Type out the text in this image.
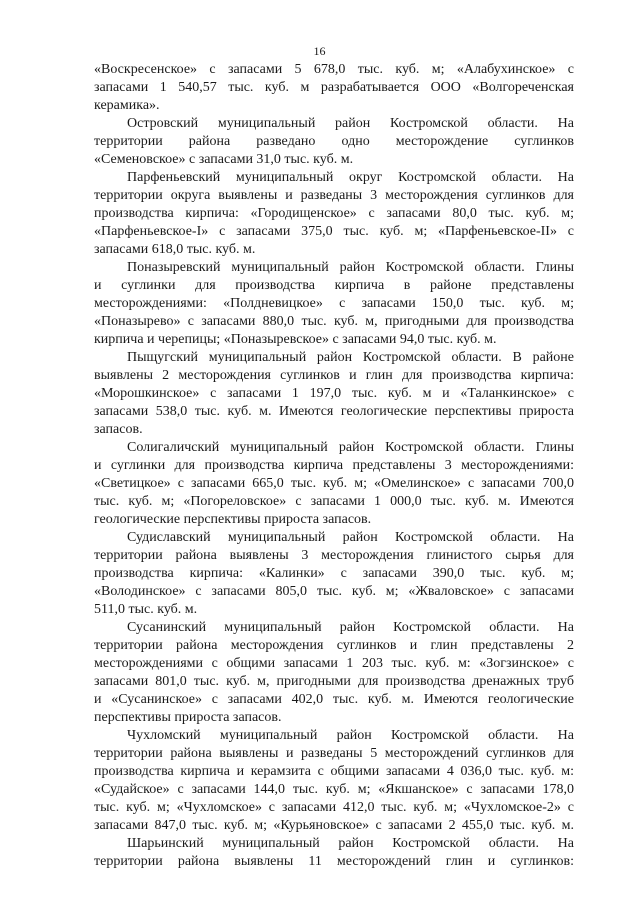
16
«Воскресенское» с запасами 5 678,0 тыс. куб. м; «Алабухинское» с
запасами 1 540,57 тыс. куб. м разрабатывается ООО «Волгореченская
керамика».
Островский муниципальный район Костромской области. На
территории района разведано одно месторождение суглинков
«Семеновское» с запасами 31,0 тыс. куб. м.
Парфеньевский муниципальный округ Костромской области. На
территории округа выявлены и разведаны 3 месторождения суглинков для
производства кирпича: «Городищенское» с запасами 80,0 тыс. куб. м;
«Парфеньевское-I» с запасами 375,0 тыс. куб. м; «Парфеньевское-II» с
запасами 618,0 тыс. куб. м.
Поназыревский муниципальный район Костромской области. Глины
и суглинки для производства кирпича в районе представлены
месторождениями: «Полдневицкое» с запасами 150,0 тыс. куб. м;
«Поназырево» с запасами 880,0 тыс. куб. м, пригодными для производства
кирпича и черепицы; «Поназыревское» с запасами 94,0 тыс. куб. м.
Пыщугский муниципальный район Костромской области. В районе
выявлены 2 месторождения суглинков и глин для производства кирпича:
«Морошкинское» с запасами 1 197,0 тыс. куб. м и «Таланкинское» с
запасами 538,0 тыс. куб. м. Имеются геологические перспективы прироста
запасов.
Солигаличский муниципальный район Костромской области. Глины
и суглинки для производства кирпича представлены 3 месторождениями:
«Светицкое» с запасами 665,0 тыс. куб. м; «Омелинское» с запасами 700,0
тыс. куб. м; «Погореловское» с запасами 1 000,0 тыс. куб. м. Имеются
геологические перспективы прироста запасов.
Судиславский муниципальный район Костромской области. На
территории района выявлены 3 месторождения глинистого сырья для
производства кирпича: «Калинки» с запасами 390,0 тыс. куб. м;
«Володинское» с запасами 805,0 тыс. куб. м; «Жваловское» с запасами
511,0 тыс. куб. м.
Сусанинский муниципальный район Костромской области. На
территории района месторождения суглинков и глин представлены 2
месторождениями с общими запасами 1 203 тыс. куб. м: «Зогзинское» с
запасами 801,0 тыс. куб. м, пригодными для производства дренажных труб
и «Сусанинское» с запасами 402,0 тыс. куб. м. Имеются геологические
перспективы прироста запасов.
Чухломский муниципальный район Костромской области. На
территории района выявлены и разведаны 5 месторождений суглинков для
производства кирпича и керамзита с общими запасами 4 036,0 тыс. куб. м:
«Судайское» с запасами 144,0 тыс. куб. м; «Якшанское» с запасами 178,0
тыс. куб. м; «Чухломское» с запасами 412,0 тыс. куб. м; «Чухломское-2» с
запасами 847,0 тыс. куб. м; «Курьяновское» с запасами 2 455,0 тыс. куб. м.
Шарьинский муниципальный район Костромской области. На
территории района выявлены 11 месторождений глин и суглинков:
